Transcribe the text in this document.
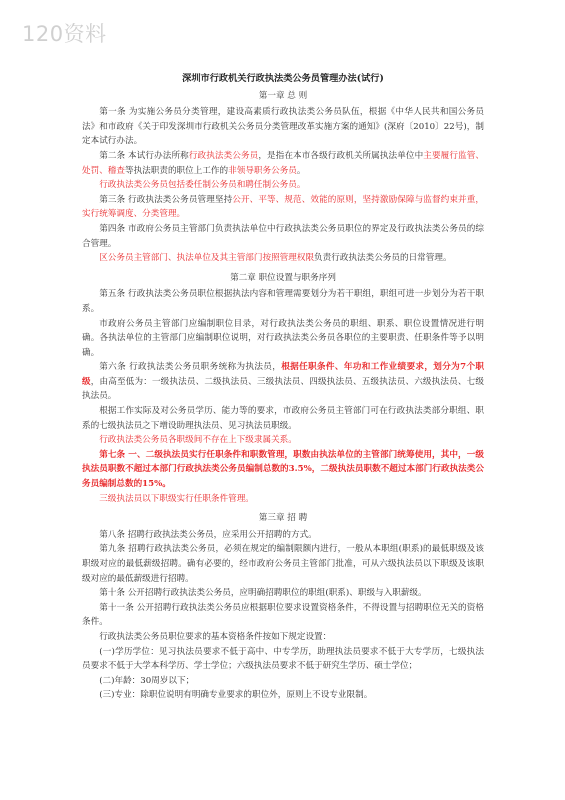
120资料
深圳市行政机关行政执法类公务员管理办法(试行)
第一章 总 则

第一条 为实施公务员分类管理，建设高素质行政执法类公务员队伍，根据《中华人民共和国公务员法》和市政府《关于印发深圳市行政机关公务员分类管理改革实施方案的通知》(深府〔2010〕22号)，制定本试行办法。

第二条 本试行办法所称行政执法类公务员，是指在本市各级行政机关所属执法单位中主要履行监管、处罚、稽查等执法职责的职位上工作的非领导职务公务员。

行政执法类公务员包括委任制公务员和聘任制公务员。

第三条 行政执法类公务员管理坚持公开、平等、规范、效能的原则，坚持激励保障与监督约束并重，实行统筹调度、分类管理。

第四条 市政府公务员主管部门负责执法单位中行政执法类公务员职位的界定及行政执法类公务员的综合管理。

区公务员主管部门、执法单位及其主管部门按照管理权限负责行政执法类公务员的日常管理。

第二章 职位设置与职务序列

第五条 行政执法类公务员职位根据执法内容和管理需要划分为若干职组，职组可进一步划分为若干职系。

市政府公务员主管部门应编制职位目录，对行政执法类公务员的职组、职系、职位设置情况进行明确。各执法单位的主管部门应编制职位说明，对行政执法类公务员各职位的主要职责、任职条件等予以明确。

第六条 行政执法类公务员职务统称为执法员，根据任职条件、年功和工作业绩要求，划分为7个职级，由高至低为：一级执法员、二级执法员、三级执法员、四级执法员、五级执法员、六级执法员、七级执法员。

根据工作实际及对公务员学历、能力等的要求，市政府公务员主管部门可在行政执法类部分职组、职系的七级执法员之下增设助理执法员、见习执法员职级。

行政执法类公务员各职级间不存在上下级隶属关系。

第七条 一、二级执法员实行任职条件和职数管理，职数由执法单位的主管部门统筹使用，其中，一级执法员职数不超过本部门行政执法类公务员编制总数的3.5%，二级执法员职数不超过本部门行政执法类公务员编制总数的15%。

三级执法员以下职级实行任职条件管理。

第三章 招 聘

第八条 招聘行政执法类公务员，应采用公开招聘的方式。

第九条 招聘行政执法类公务员，必须在规定的编制限额内进行，一般从本职组(职系)的最低职级及该职级对应的最低薪级招聘。确有必要的，经市政府公务员主管部门批准，可从六级执法员以下职级及该职级对应的最低薪级进行招聘。

第十条 公开招聘行政执法类公务员，应明确招聘职位的职组(职系)、职级与入职薪级。

第十一条 公开招聘行政执法类公务员应根据职位要求设置资格条件，不得设置与招聘职位无关的资格条件。

行政执法类公务员职位要求的基本资格条件按如下规定设置：

(一)学历学位：见习执法员要求不低于高中、中专学历，助理执法员要求不低于大专学历，七级执法员要求不低于大学本科学历、学士学位；六级执法员要求不低于研究生学历、硕士学位；

(二)年龄：30周岁以下；

(三)专业：除职位说明有明确专业要求的职位外，原则上不设专业限制。
